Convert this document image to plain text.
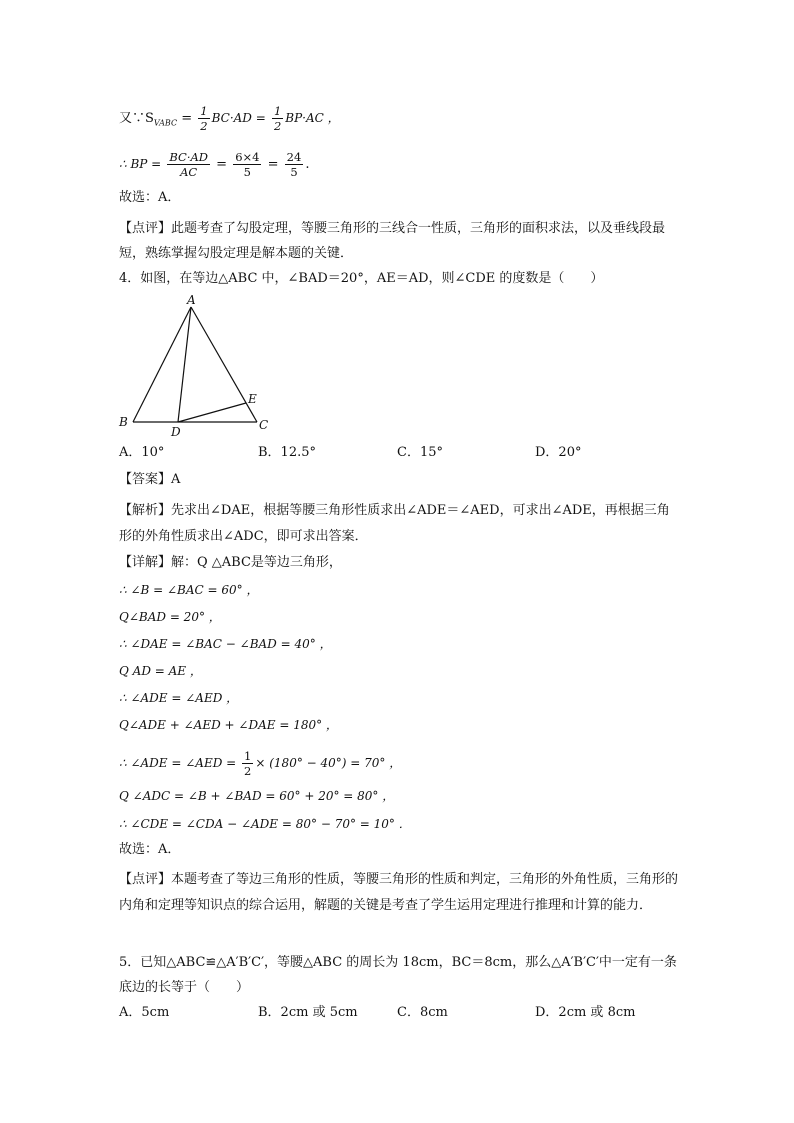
又$\because S_{VABC} = \frac{1}{2} BC\cdot AD = \frac{1}{2} BP\cdot AC$ ，
∴ BP = $\frac{BC\cdot AD}{AC} = \frac{6\times 4}{5} = \frac{24}{5}$ .
故选：A．
【点评】此题考查了勾股定理，等腰三角形的三线合一性质，三角形的面积求法，以及垂线段最短，熟练掌握勾股定理是解本题的关键．
4．如图，在等边△ABC 中，∠BAD＝20°，AE＝AD，则∠CDE 的度数是（　　）
A
B	C
D
E
A．10°	B．12.5°	C．15°	D．20°
【答案】A
【解析】先求出∠DAE，根据等腰三角形性质求出∠ADE＝∠AED，可求出∠ADE，再根据三角形的外角性质求出∠ADC，即可求出答案．
【详解】解：Q △ABC是等边三角形，
∴ ∠B = ∠BAC = 60° ，
Q∠BAD = 20° ，
∴ ∠DAE = ∠BAC − ∠BAD = 40° ，
Q AD = AE ，
∴ ∠ADE = ∠AED ，
Q∠ADE + ∠AED + ∠DAE = 180° ，
∴ ∠ADE = ∠AED = $\frac{1}{2} \times (180^\circ - 40^\circ) = 70^\circ$ ，
Q ∠ADC = ∠B + ∠BAD = 60° + 20° = 80° ，
∴ ∠CDE = ∠CDA − ∠ADE = 80° − 70° = 10° ．
故选：A．
【点评】本题考查了等边三角形的性质，等腰三角形的性质和判定，三角形的外角性质，三角形的内角和定理等知识点的综合运用，解题的关键是考查了学生运用定理进行推理和计算的能力．
5．已知△ABC≌△A′B′C′，等腰△ABC 的周长为 18cm，BC＝8cm，那么△A′B′C′中一定有一条底边的长等于（　　）
A．5cm	B．2cm 或 5cm	C．8cm	D．2cm 或 8cm
